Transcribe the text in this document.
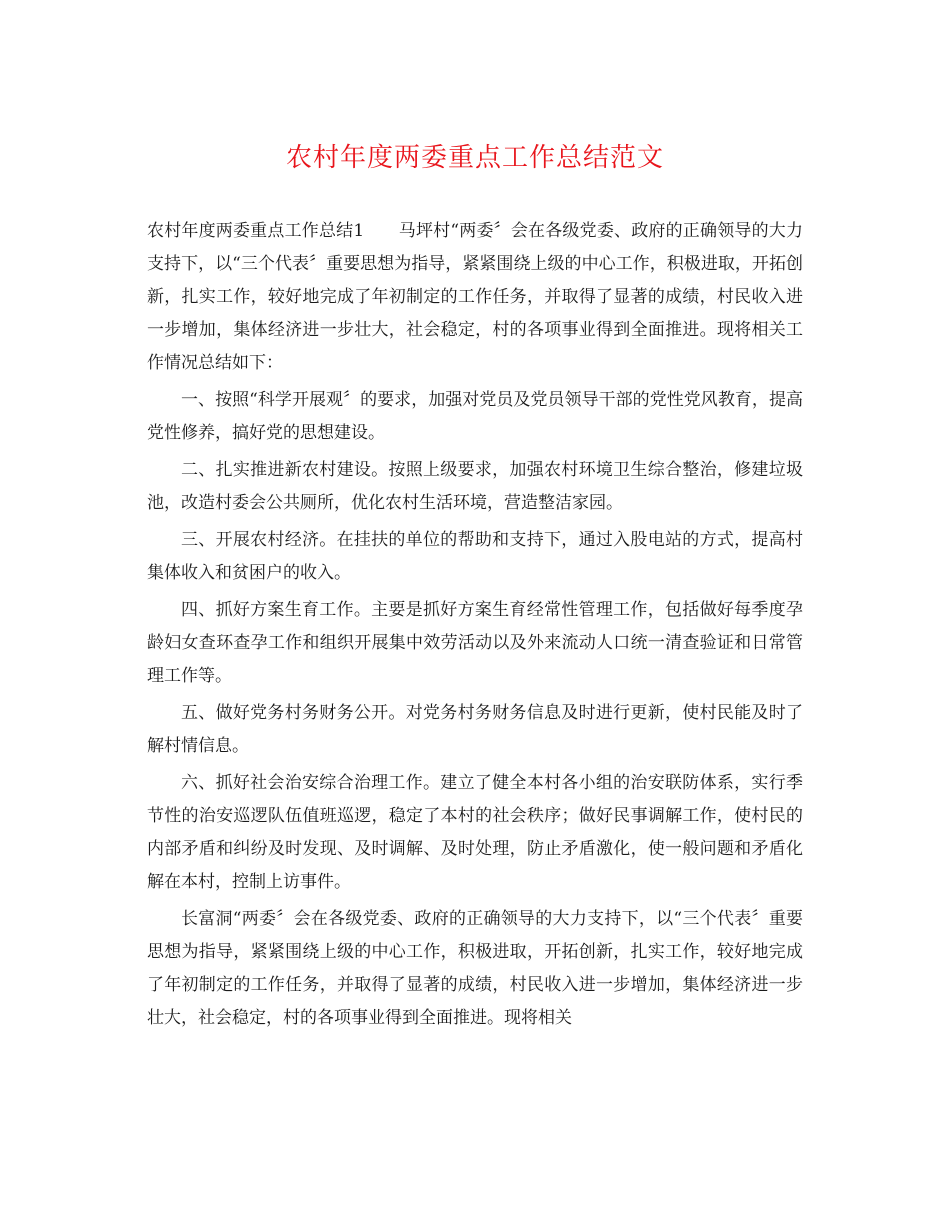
农村年度两委重点工作总结范文

农村年度两委重点工作总结1　　马坪村“两委〞会在各级党委、政府的正确领导的大力支持下，以“三个代表〞重要思想为指导，紧紧围绕上级的中心工作，积极进取，开拓创新，扎实工作，较好地完成了年初制定的工作任务，并取得了显著的成绩，村民收入进一步增加，集体经济进一步壮大，社会稳定，村的各项事业得到全面推进。现将相关工作情况总结如下：

一、按照“科学开展观〞的要求，加强对党员及党员领导干部的党性党风教育，提高党性修养，搞好党的思想建设。

二、扎实推进新农村建设。按照上级要求，加强农村环境卫生综合整治，修建垃圾池，改造村委会公共厕所，优化农村生活环境，营造整洁家园。

三、开展农村经济。在挂扶的单位的帮助和支持下，通过入股电站的方式，提高村集体收入和贫困户的收入。

四、抓好方案生育工作。主要是抓好方案生育经常性管理工作，包括做好每季度孕龄妇女查环查孕工作和组织开展集中效劳活动以及外来流动人口统一清查验证和日常管理工作等。

五、做好党务村务财务公开。对党务村务财务信息及时进行更新，使村民能及时了解村情信息。

六、抓好社会治安综合治理工作。建立了健全本村各小组的治安联防体系，实行季节性的治安巡逻队伍值班巡逻，稳定了本村的社会秩序；做好民事调解工作，使村民的内部矛盾和纠纷及时发现、及时调解、及时处理，防止矛盾激化，使一般问题和矛盾化解在本村，控制上访事件。

长富洞“两委〞会在各级党委、政府的正确领导的大力支持下，以“三个代表〞重要思想为指导，紧紧围绕上级的中心工作，积极进取，开拓创新，扎实工作，较好地完成了年初制定的工作任务，并取得了显著的成绩，村民收入进一步增加，集体经济进一步壮大，社会稳定，村的各项事业得到全面推进。现将相关
